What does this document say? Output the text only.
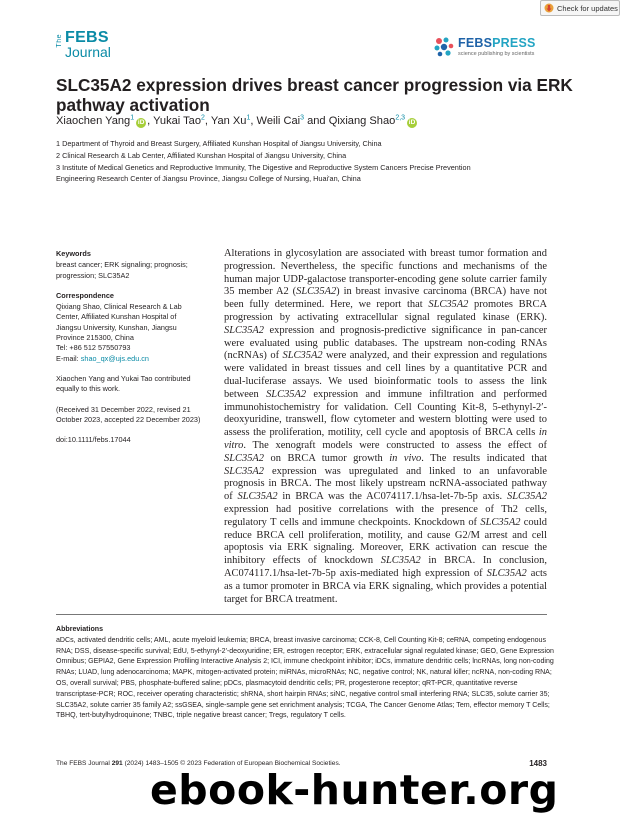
Check for updates
The FEBS
Journal
FEBSPRESS
science publishing by scientists
SLC35A2 expression drives breast cancer progression via ERK pathway activation
Xiaochen Yang$^1$iD , Yukai Tao$^2$, Yan Xu$^1$, Weili Cai$^3$ and Qixiang Shao$^{2,3}$iD
1 Department of Thyroid and Breast Surgery, Affiliated Kunshan Hospital of Jiangsu University, China
2 Clinical Research & Lab Center, Affiliated Kunshan Hospital of Jiangsu University, China
3 Institute of Medical Genetics and Reproductive Immunity, The Digestive and Reproductive System Cancers Precise Prevention
Engineering Research Center of Jiangsu Province, Jiangsu College of Nursing, Huai'an, China
Keywords
breast cancer; ERK signaling; prognosis; progression; SLC35A2
Correspondence
Qixiang Shao, Clinical Research & Lab
Center, Affiliated Kunshan Hospital of
Jiangsu University, Kunshan, Jiangsu
Province 215300, China
Tel: +86 512 57550793
E-mail: shao_qx@ujs.edu.cn
Xiaochen Yang and Yukai Tao contributed equally to this work.
(Received 31 December 2022, revised 21 October 2023, accepted 22 December 2023)
doi:10.1111/febs.17044
Alterations in glycosylation are associated with breast tumor formation and progression. Nevertheless, the specific functions and mechanisms of the human major UDP-galactose transporter-encoding gene solute carrier family 35 member A2 (SLC35A2) in breast invasive carcinoma (BRCA) have not been fully determined. Here, we report that SLC35A2 promotes BRCA progression by activating extracellular signal regulated kinase (ERK). SLC35A2 expression and prognosis-predictive significance in pan-cancer were evaluated using public databases. The upstream non-coding RNAs (ncRNAs) of SLC35A2 were analyzed, and their expression and regulations were validated in breast tissues and cell lines by a quantitative PCR and dual-luciferase assays. We used bioinformatic tools to assess the link between SLC35A2 expression and immune infiltration and performed immunohistochemistry for validation. Cell Counting Kit-8, 5-ethynyl-2′-deoxyuridine, transwell, flow cytometer and western blotting were used to assess the proliferation, motility, cell cycle and apoptosis of BRCA cells in vitro. The xenograft models were constructed to assess the effect of SLC35A2 on BRCA tumor growth in vivo. The results indicated that SLC35A2 expression was upregulated and linked to an unfavorable prognosis in BRCA. The most likely upstream ncRNA-associated pathway of SLC35A2 in BRCA was the AC074117.1/hsa-let-7b-5p axis. SLC35A2 expression had positive correlations with the presence of Th2 cells, regulatory T cells and immune checkpoints. Knockdown of SLC35A2 could reduce BRCA cell proliferation, motility, and cause G2/M arrest and cell apoptosis via ERK signaling. Moreover, ERK activation can rescue the inhibitory effects of knockdown SLC35A2 in BRCA. In conclusion, AC074117.1/hsa-let-7b-5p axis-mediated high expression of SLC35A2 acts as a tumor promoter in BRCA via ERK signaling, which provides a potential target for BRCA treatment.
Abbreviations
aDCs, activated dendritic cells; AML, acute myeloid leukemia; BRCA, breast invasive carcinoma; CCK-8, Cell Counting Kit-8; ceRNA, competing endogenous RNA; DSS, disease-specific survival; EdU, 5-ethynyl-2′-deoxyuridine; ER, estrogen receptor; ERK, extracellular signal regulated kinase; GEO, Gene Expression Omnibus; GEPIA2, Gene Expression Profiling Interactive Analysis 2; ICI, immune checkpoint inhibitor; iDCs, immature dendritic cells; lncRNAs, long non-coding RNAs; LUAD, lung adenocarcinoma; MAPK, mitogen-activated protein; miRNAs, microRNAs; NC, negative control; NK, natural killer; ncRNA, non-coding RNA; OS, overall survival; PBS, phosphate-buffered saline; pDCs, plasmacytoid dendritic cells; PR, progesterone receptor; qRT-PCR, quantitative reverse transcriptase-PCR; ROC, receiver operating characteristic; shRNA, short hairpin RNAs; siNC, negative control small interfering RNA; SLC35, solute carrier 35; SLC35A2, solute carrier 35 family A2; ssGSEA, single-sample gene set enrichment analysis; TCGA, The Cancer Genome Atlas; Tem, effector memory T Cells; TBHQ, tert-butylhydroquinone; TNBC, triple negative breast cancer; Tregs, regulatory T cells.
The FEBS Journal 291 (2024) 1483–1505 © 2023 Federation of European Biochemical Societies.	1483
ebook-hunter.org
